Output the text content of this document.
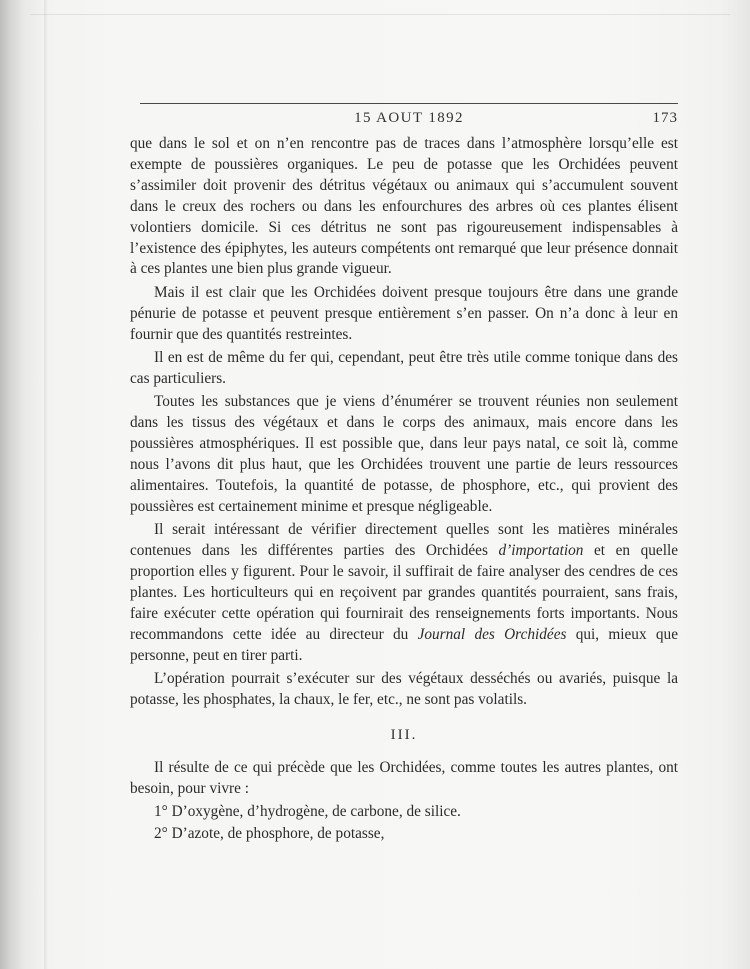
15 AOUT 1892	173

que dans le sol et on n’en rencontre pas de traces dans l’atmosphère lorsqu’elle est exempte de poussières organiques. Le peu de potasse que les Orchidées peuvent s’assimiler doit provenir des détritus végétaux ou animaux qui s’accumulent souvent dans le creux des rochers ou dans les enfourchures des arbres où ces plantes élisent volontiers domicile. Si ces détritus ne sont pas rigoureusement indispensables à l’existence des épiphytes, les auteurs compétents ont remarqué que leur présence donnait à ces plantes une bien plus grande vigueur.

Mais il est clair que les Orchidées doivent presque toujours être dans une grande pénurie de potasse et peuvent presque entièrement s’en passer. On n’a donc à leur en fournir que des quantités restreintes.

Il en est de même du fer qui, cependant, peut être très utile comme tonique dans des cas particuliers.

Toutes les substances que je viens d’énumérer se trouvent réunies non seulement dans les tissus des végétaux et dans le corps des animaux, mais encore dans les poussières atmosphériques. Il est possible que, dans leur pays natal, ce soit là, comme nous l’avons dit plus haut, que les Orchidées trouvent une partie de leurs ressources alimentaires. Toutefois, la quantité de potasse, de phosphore, etc., qui provient des poussières est certainement minime et presque négligeable.

Il serait intéressant de vérifier directement quelles sont les matières minérales contenues dans les différentes parties des Orchidées d’importation et en quelle proportion elles y figurent. Pour le savoir, il suffirait de faire analyser des cendres de ces plantes. Les horticulteurs qui en reçoivent par grandes quantités pourraient, sans frais, faire exécuter cette opération qui fournirait des renseignements forts importants. Nous recommandons cette idée au directeur du Journal des Orchidées qui, mieux que personne, peut en tirer parti.

L’opération pourrait s’exécuter sur des végétaux desséchés ou avariés, puisque la potasse, les phosphates, la chaux, le fer, etc., ne sont pas volatils.

III.

Il résulte de ce qui précède que les Orchidées, comme toutes les autres plantes, ont besoin, pour vivre :

1° D’oxygène, d’hydrogène, de carbone, de silice.

2° D’azote, de phosphore, de potasse,
